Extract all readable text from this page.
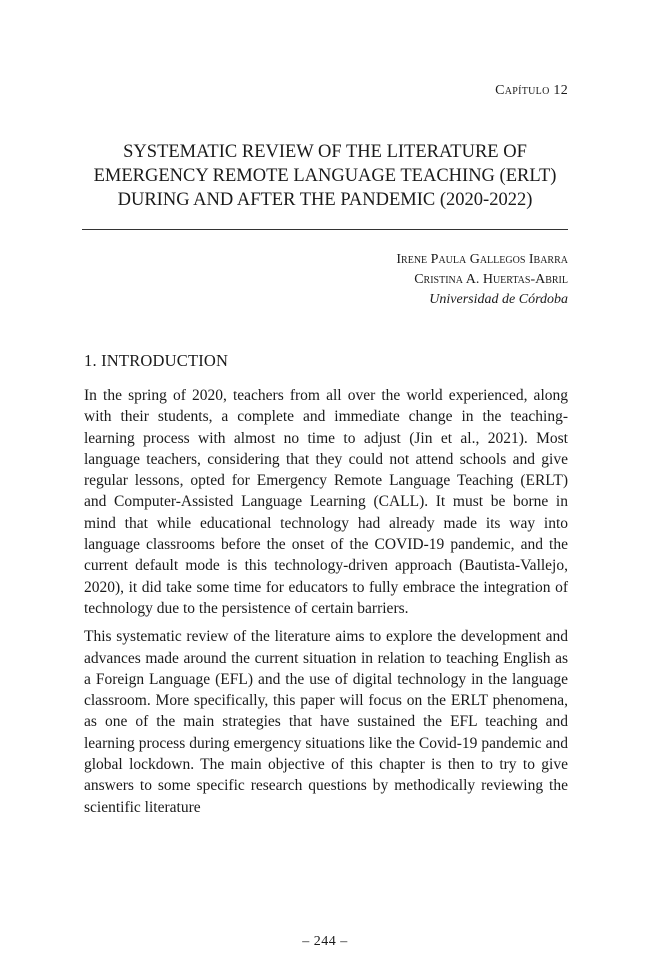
Capítulo 12
SYSTEMATIC REVIEW OF THE LITERATURE OF
EMERGENCY REMOTE LANGUAGE TEACHING (ERLT)
DURING AND AFTER THE PANDEMIC (2020-2022)
Irene Paula Gallegos Ibarra
Cristina A. Huertas-Abril
Universidad de Córdoba
1. INTRODUCTION

In the spring of 2020, teachers from all over the world experienced, along with their students, a complete and immediate change in the teaching-learning process with almost no time to adjust (Jin et al., 2021). Most language teachers, considering that they could not attend schools and give regular lessons, opted for Emergency Remote Language Teaching (ERLT) and Computer-Assisted Language Learning (CALL). It must be borne in mind that while educational technology had already made its way into language classrooms before the onset of the COVID-19 pandemic, and the current default mode is this technology-driven approach (Bautista-Vallejo, 2020), it did take some time for educators to fully embrace the integration of technology due to the persistence of certain barriers.

This systematic review of the literature aims to explore the development and advances made around the current situation in relation to teaching English as a Foreign Language (EFL) and the use of digital technology in the language classroom. More specifically, this paper will focus on the ERLT phenomena, as one of the main strategies that have sustained the EFL teaching and learning process during emergency situations like the Covid-19 pandemic and global lockdown. The main objective of this chapter is then to try to give answers to some specific research questions by methodically reviewing the scientific literature

– 244 –
